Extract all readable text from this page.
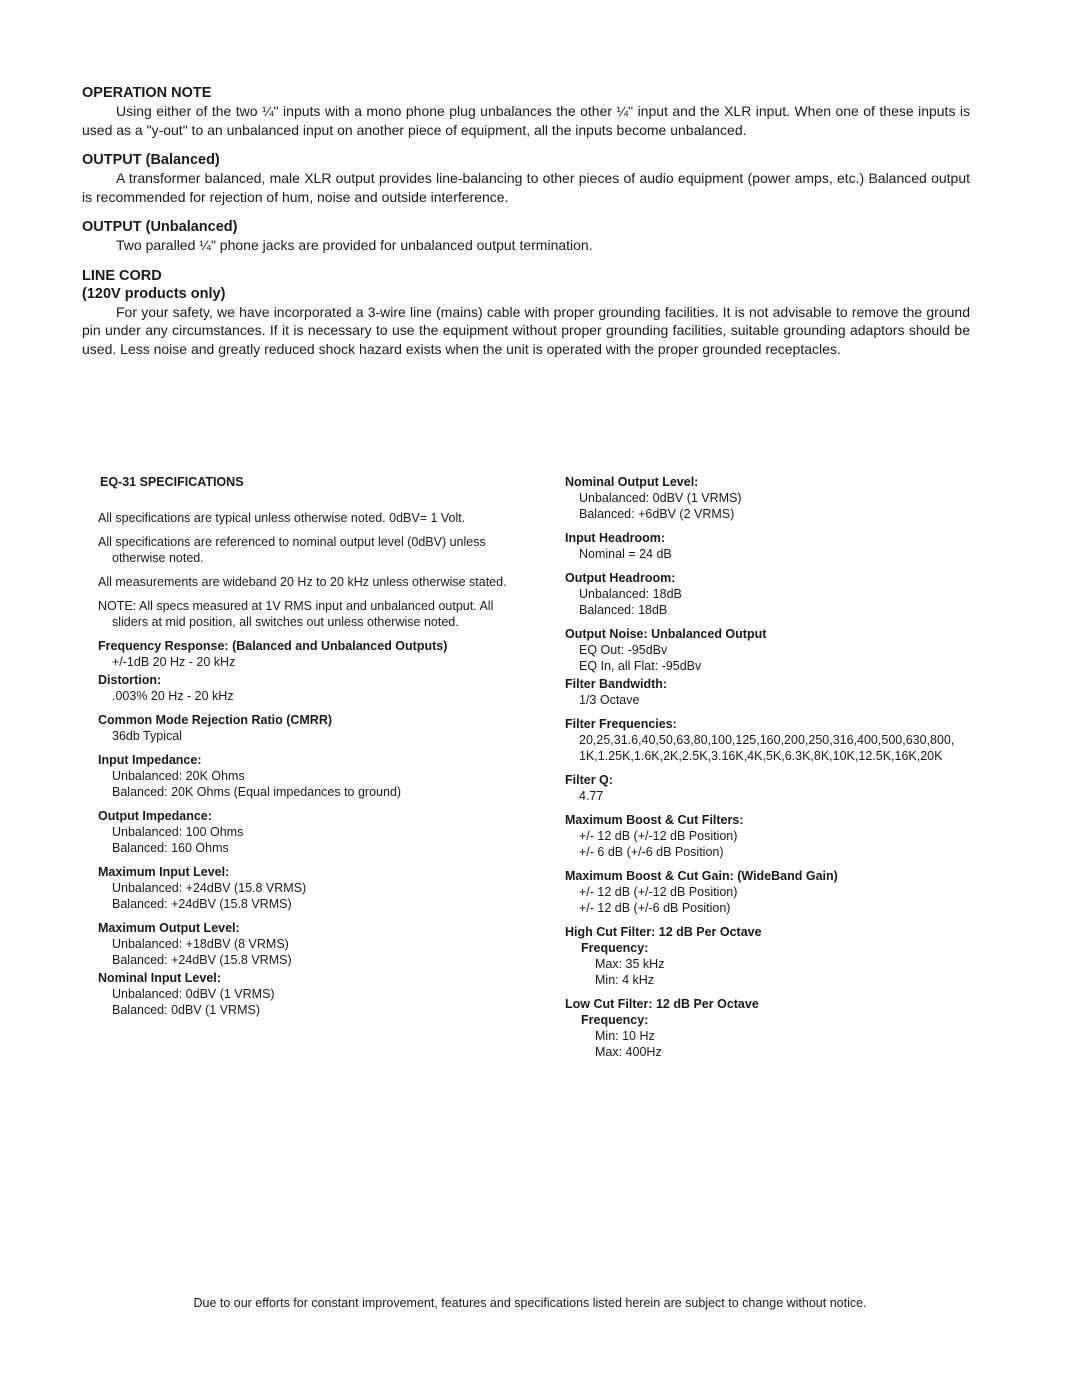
OPERATION NOTE

Using either of the two ¼" inputs with a mono phone plug unbalances the other ¼" input and the XLR input. When one of these inputs is used as a "y-out" to an unbalanced input on another piece of equipment, all the inputs become unbalanced.

OUTPUT (Balanced)

A transformer balanced, male XLR output provides line-balancing to other pieces of audio equipment (power amps, etc.) Balanced output is recommended for rejection of hum, noise and outside interference.

OUTPUT (Unbalanced)

Two paralled ¼" phone jacks are provided for unbalanced output termination.

LINE CORD

(120V products only)

For your safety, we have incorporated a 3-wire line (mains) cable with proper grounding facilities. It is not advisable to remove the ground pin under any circumstances. If it is necessary to use the equipment without proper grounding facilities, suitable grounding adaptors should be used. Less noise and greatly reduced shock hazard exists when the unit is operated with the proper grounded receptacles.

EQ-31 SPECIFICATIONS

All specifications are typical unless otherwise noted. 0dBV= 1 Volt.

All specifications are referenced to nominal output level (0dBV) unless otherwise noted.

All measurements are wideband 20 Hz to 20 kHz unless otherwise stated.

NOTE: All specs measured at 1V RMS input and unbalanced output. All sliders at mid position, all switches out unless otherwise noted.

Frequency Response: (Balanced and Unbalanced Outputs)
+/-1dB 20 Hz - 20 kHz
Distortion:
.003% 20 Hz - 20 kHz
Common Mode Rejection Ratio (CMRR)
36db Typical
Input Impedance:
Unbalanced: 20K Ohms
Balanced: 20K Ohms (Equal impedances to ground)
Output Impedance:
Unbalanced: 100 Ohms
Balanced: 160 Ohms
Maximum Input Level:
Unbalanced: +24dBV (15.8 VRMS)
Balanced: +24dBV (15.8 VRMS)
Maximum Output Level:
Unbalanced: +18dBV (8 VRMS)
Balanced: +24dBV (15.8 VRMS)
Nominal Input Level:
Unbalanced: 0dBV (1 VRMS)
Balanced: 0dBV (1 VRMS)
Nominal Output Level:
Unbalanced: 0dBV (1 VRMS)
Balanced: +6dBV (2 VRMS)
Input Headroom:
Nominal = 24 dB
Output Headroom:
Unbalanced: 18dB
Balanced: 18dB
Output Noise: Unbalanced Output
EQ Out: -95dBv
EQ In, all Flat: -95dBv
Filter Bandwidth:
1/3 Octave
Filter Frequencies:
20,25,31.6,40,50,63,80,100,125,160,200,250,316,400,500,630,800, 1K,1.25K,1.6K,2K,2.5K,3.16K,4K,5K,6.3K,8K,10K,12.5K,16K,20K
Filter Q:
4.77
Maximum Boost & Cut Filters:
+/- 12 dB (+/-12 dB Position)
+/- 6 dB (+/-6 dB Position)
Maximum Boost & Cut Gain: (WideBand Gain)
+/- 12 dB (+/-12 dB Position)
+/- 12 dB (+/-6 dB Position)
High Cut Filter: 12 dB Per Octave
Frequency:
Max: 35 kHz
Min: 4 kHz
Low Cut Filter: 12 dB Per Octave
Frequency:
Min: 10 Hz
Max: 400Hz
Due to our efforts for constant improvement, features and specifications listed herein are subject to change without notice.
